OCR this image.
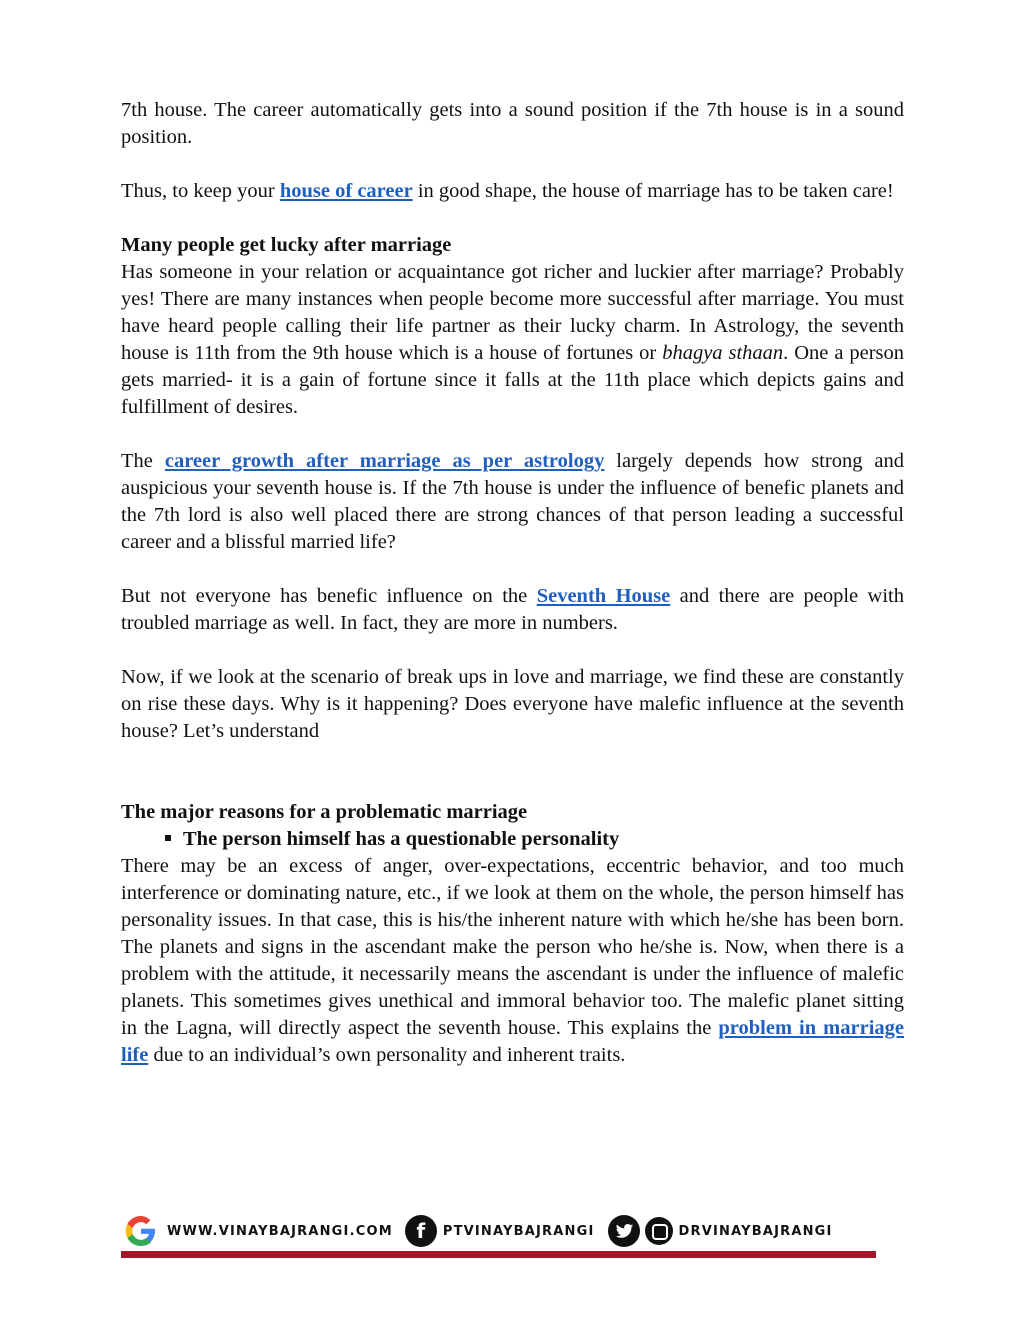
7th house. The career automatically gets into a sound position if the 7th house is in a sound position.

Thus, to keep your house of career in good shape, the house of marriage has to be taken care!

Many people get lucky after marriage

Has someone in your relation or acquaintance got richer and luckier after marriage? Probably yes! There are many instances when people become more successful after marriage. You must have heard people calling their life partner as their lucky charm. In Astrology, the seventh house is 11th from the 9th house which is a house of fortunes or bhagya sthaan. One a person gets married- it is a gain of fortune since it falls at the 11th place which depicts gains and fulfillment of desires.

The career growth after marriage as per astrology largely depends how strong and auspicious your seventh house is. If the 7th house is under the influence of benefic planets and the 7th lord is also well placed there are strong chances of that person leading a successful career and a blissful married life?

But not everyone has benefic influence on the Seventh House and there are people with troubled marriage as well. In fact, they are more in numbers.

Now, if we look at the scenario of break ups in love and marriage, we find these are constantly on rise these days. Why is it happening? Does everyone have malefic influence at the seventh house? Let’s understand

The major reasons for a problematic marriage
The person himself has a questionable personality

There may be an excess of anger, over-expectations, eccentric behavior, and too much interference or dominating nature, etc., if we look at them on the whole, the person himself has personality issues. In that case, this is his/the inherent nature with which he/she has been born. The planets and signs in the ascendant make the person who he/she is. Now, when there is a problem with the attitude, it necessarily means the ascendant is under the influence of malefic planets. This sometimes gives unethical and immoral behavior too. The malefic planet sitting in the Lagna, will directly aspect the seventh house. This explains the problem in marriage life due to an individual’s own personality and inherent traits.

WWW.VINAYBAJRANGI.COM	f	PTVINAYBAJRANGI	DRVINAYBAJRANGI
